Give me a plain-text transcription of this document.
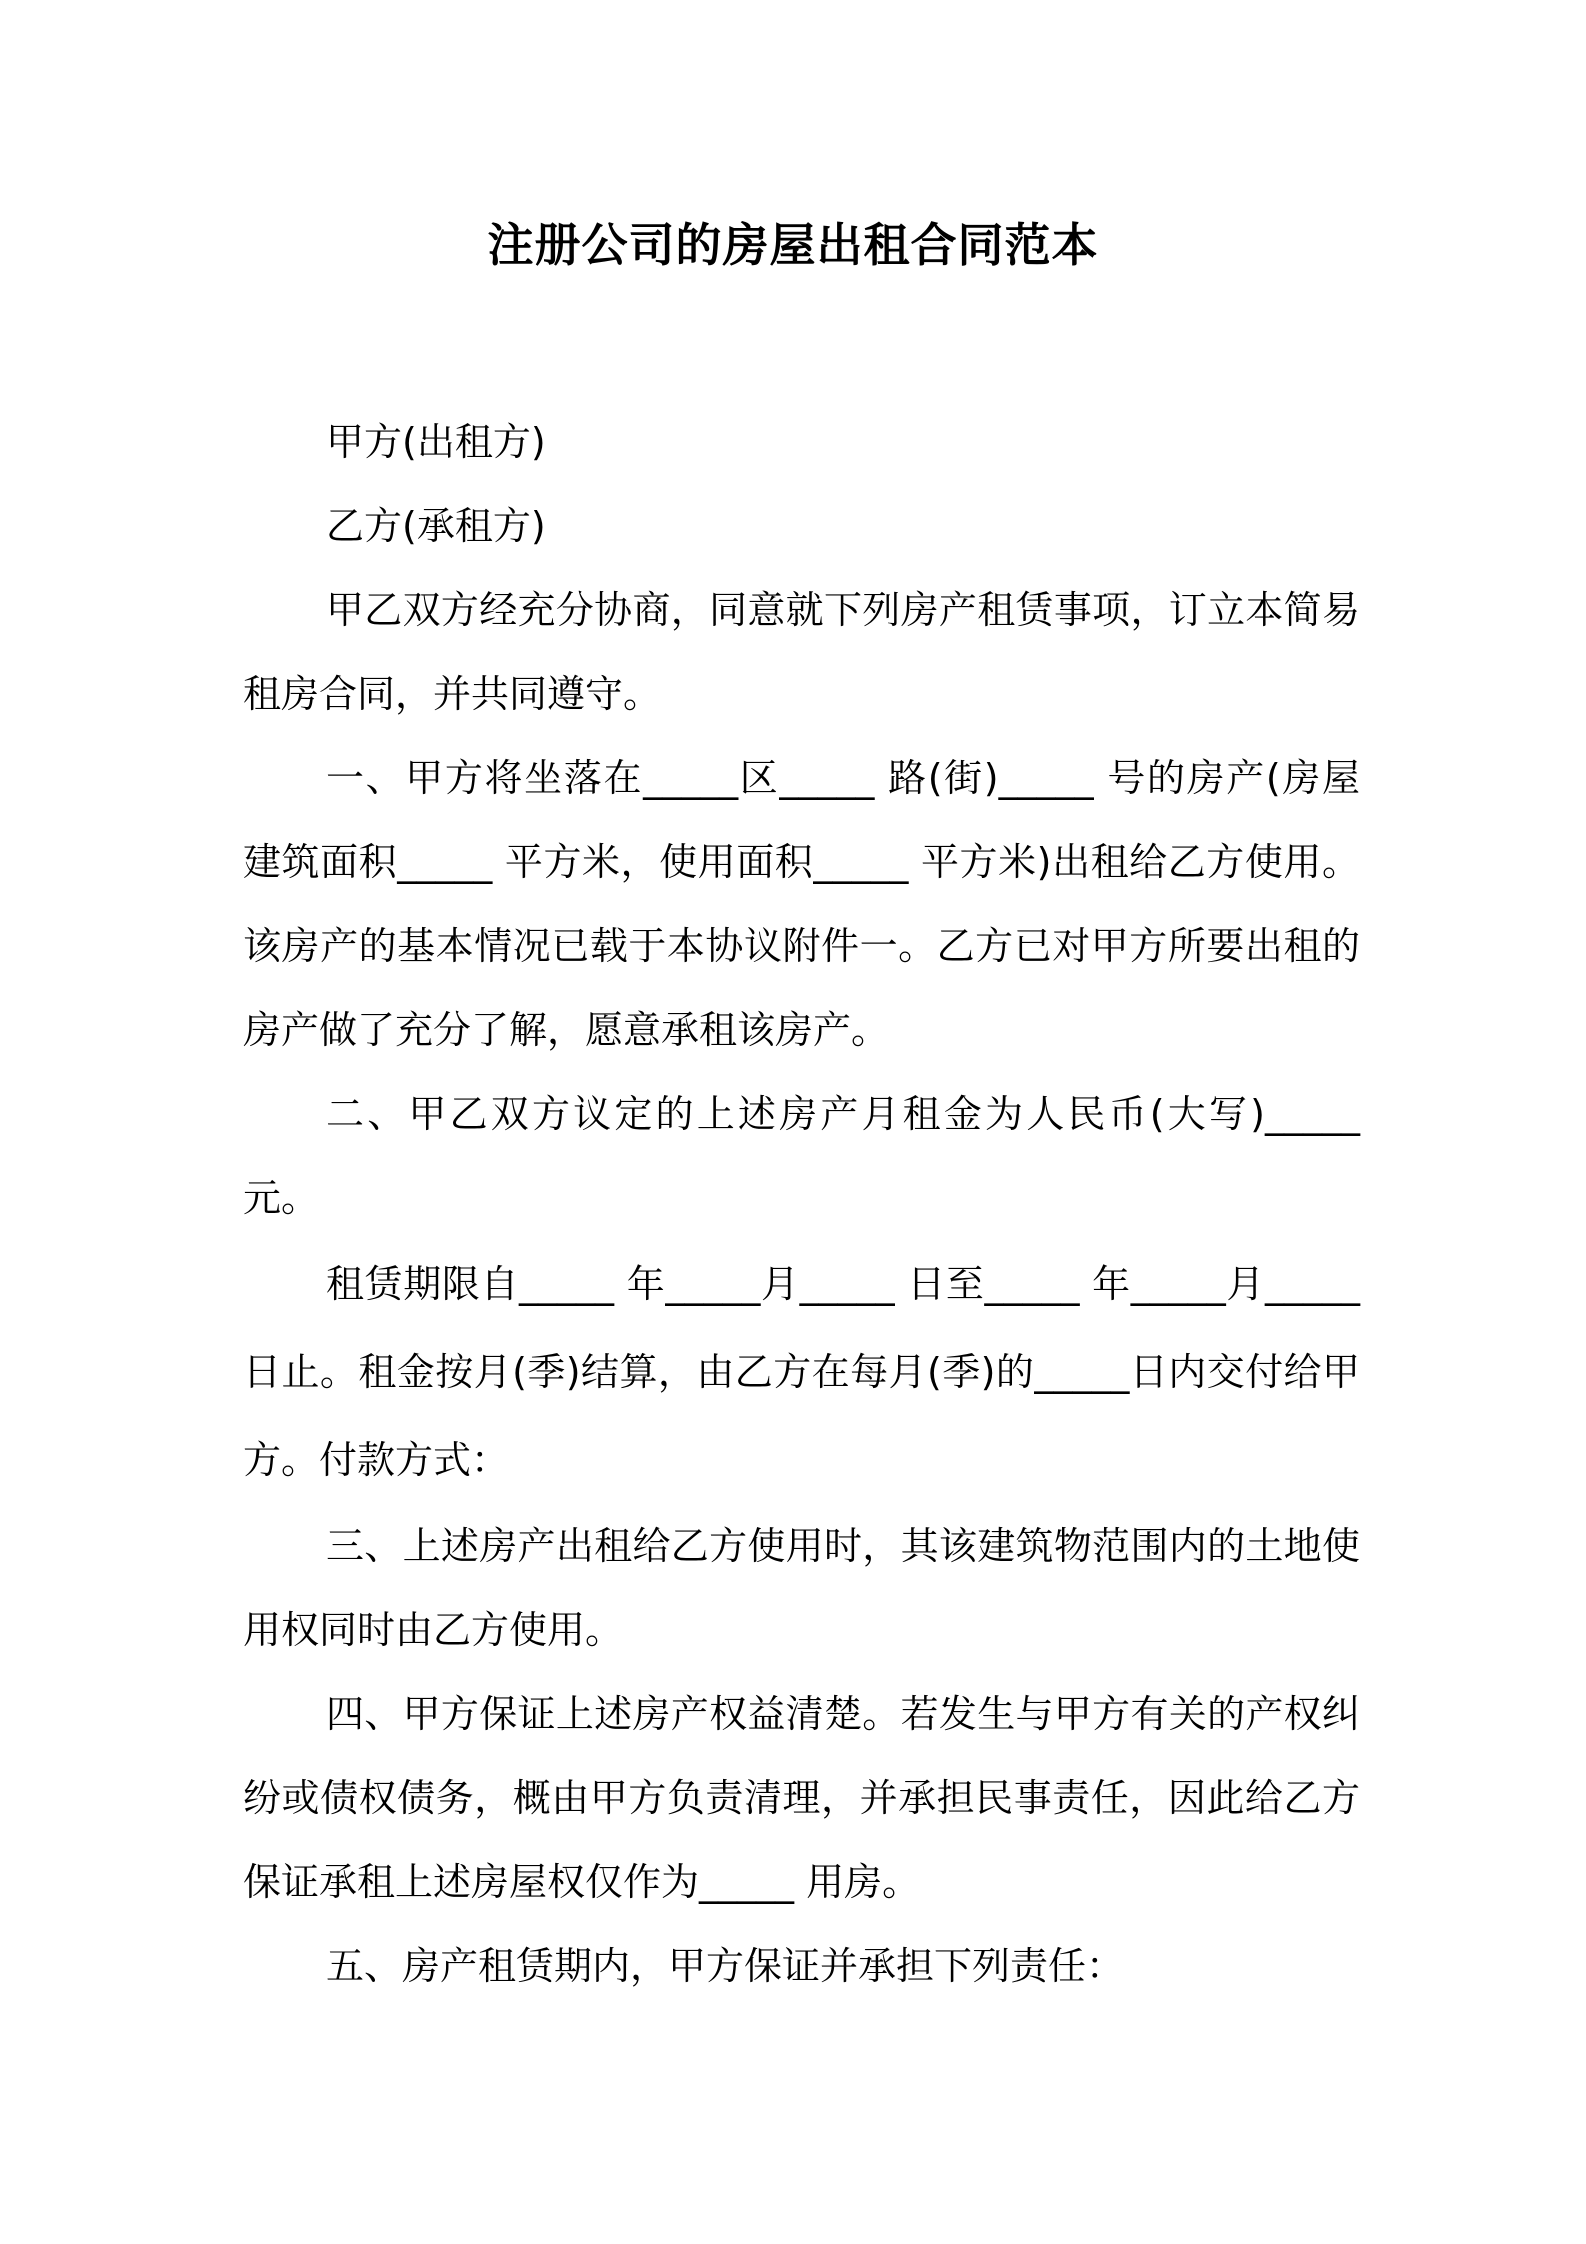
注册公司的房屋出租合同范本

甲方(出租方)

乙方(承租方)

甲乙双方经充分协商，同意就下列房产租赁事项，订立本简易租房合同，并共同遵守。

一、甲方将坐落在_____区_____ 路(街)_____ 号的房产(房屋建筑面积_____ 平方米，使用面积_____ 平方米)出租给乙方使用。该房产的基本情况已载于本协议附件一。乙方已对甲方所要出租的房产做了充分了解，愿意承租该房产。

二、甲乙双方议定的上述房产月租金为人民币(大写)_____元。

租赁期限自_____ 年_____月_____ 日至_____ 年_____月_____ 日止。租金按月(季)结算，由乙方在每月(季)的_____日内交付给甲方。付款方式：

三、上述房产出租给乙方使用时，其该建筑物范围内的土地使用权同时由乙方使用。

四、甲方保证上述房产权益清楚。若发生与甲方有关的产权纠纷或债权债务，概由甲方负责清理，并承担民事责任，因此给乙方保证承租上述房屋权仅作为_____ 用房。

五、房产租赁期内，甲方保证并承担下列责任：
